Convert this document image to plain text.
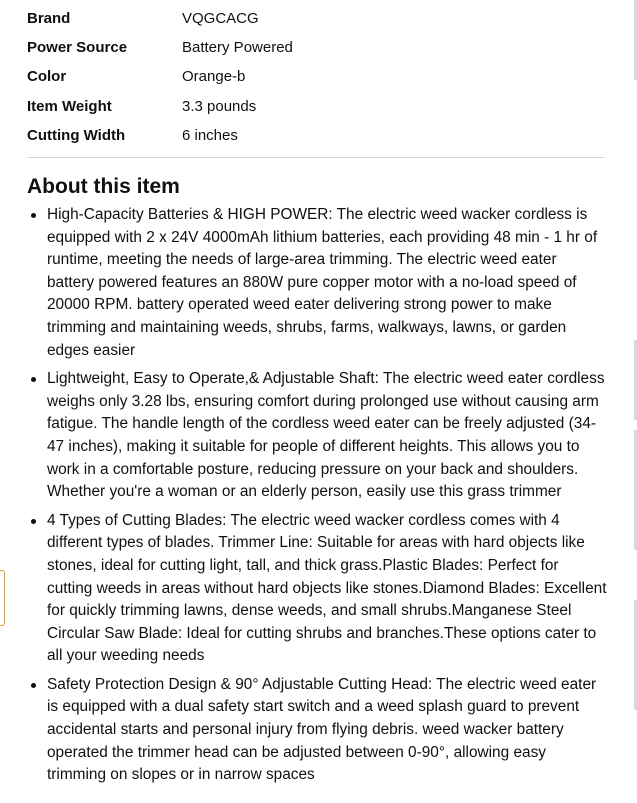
Brand	VQGCACG
Power Source	Battery Powered
Color	Orange-b
Item Weight	3.3 pounds
Cutting Width	6 inches
About this item
High-Capacity Batteries & HIGH POWER: The electric weed wacker cordless is equipped with 2 x 24V 4000mAh lithium batteries, each providing 48 min - 1 hr of runtime, meeting the needs of large-area trimming. The electric weed eater battery powered features an 880W pure copper motor with a no-load speed of 20000 RPM. battery operated weed eater delivering strong power to make trimming and maintaining weeds, shrubs, farms, walkways, lawns, or garden edges easier
Lightweight, Easy to Operate,& Adjustable Shaft: The electric weed eater cordless weighs only 3.28 lbs, ensuring comfort during prolonged use without causing arm fatigue. The handle length of the cordless weed eater can be freely adjusted (34-47 inches), making it suitable for people of different heights. This allows you to work in a comfortable posture, reducing pressure on your back and shoulders. Whether you're a woman or an elderly person, easily use this grass trimmer
4 Types of Cutting Blades: The electric weed wacker cordless comes with 4 different types of blades. Trimmer Line: Suitable for areas with hard objects like stones, ideal for cutting light, tall, and thick grass.Plastic Blades: Perfect for cutting weeds in areas without hard objects like stones.Diamond Blades: Excellent for quickly trimming lawns, dense weeds, and small shrubs.Manganese Steel Circular Saw Blade: Ideal for cutting shrubs and branches.These options cater to all your weeding needs
Safety Protection Design & 90° Adjustable Cutting Head: The electric weed eater is equipped with a dual safety start switch and a weed splash guard to prevent accidental starts and personal injury from flying debris. weed wacker battery operated the trimmer head can be adjusted between 0-90°, allowing easy trimming on slopes or in narrow spaces
